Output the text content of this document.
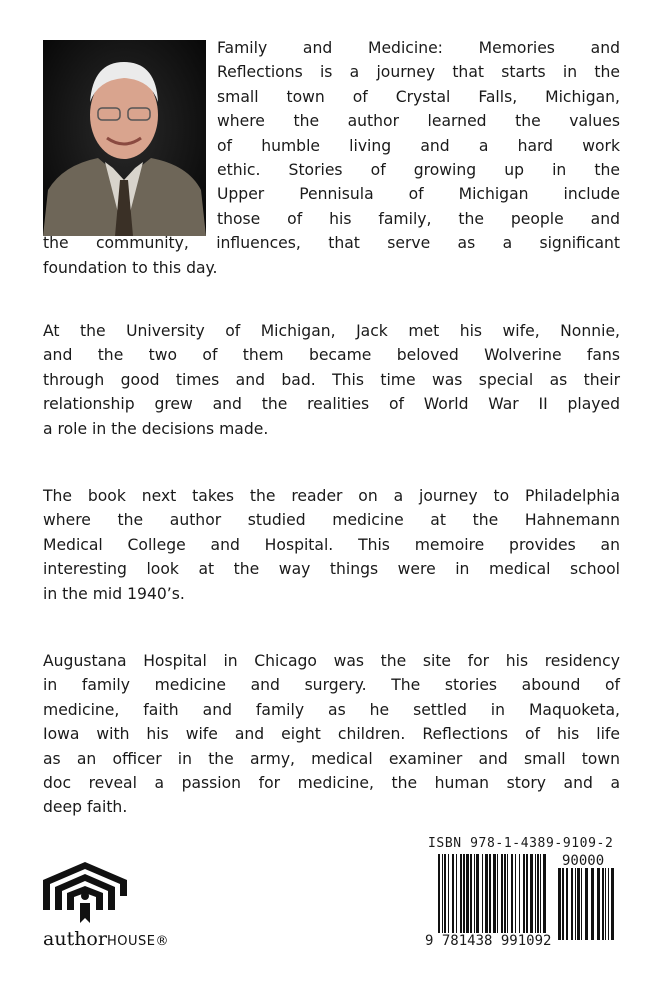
Family and Medicine: Memories and
Reflections is a journey that starts in the
small town of Crystal Falls, Michigan,
where the author learned the values
of humble living and a hard work
ethic. Stories of growing up in the
Upper Pennisula of Michigan include
those of his family, the people and
the community, influences, that serve as a significant
foundation to this day.
At the University of Michigan, Jack met his wife, Nonnie,
and the two of them became beloved Wolverine fans
through good times and bad. This time was special as their
relationship grew and the realities of World War II played
a role in the decisions made.
The book next takes the reader on a journey to Philadelphia
where the author studied medicine at the Hahnemann
Medical College and Hospital. This memoire provides an
interesting look at the way things were in medical school
in the mid 1940’s.
Augustana Hospital in Chicago was the site for his residency
in family medicine and surgery. The stories abound of
medicine, faith and family as he settled in Maquoketa,
Iowa with his wife and eight children. Reflections of his life
as an officer in the army, medical examiner and small town
doc reveal a passion for medicine, the human story and a
deep faith.
authorHOUSE®
ISBN 978-1-4389-9109-2
90000
9 781438 991092
